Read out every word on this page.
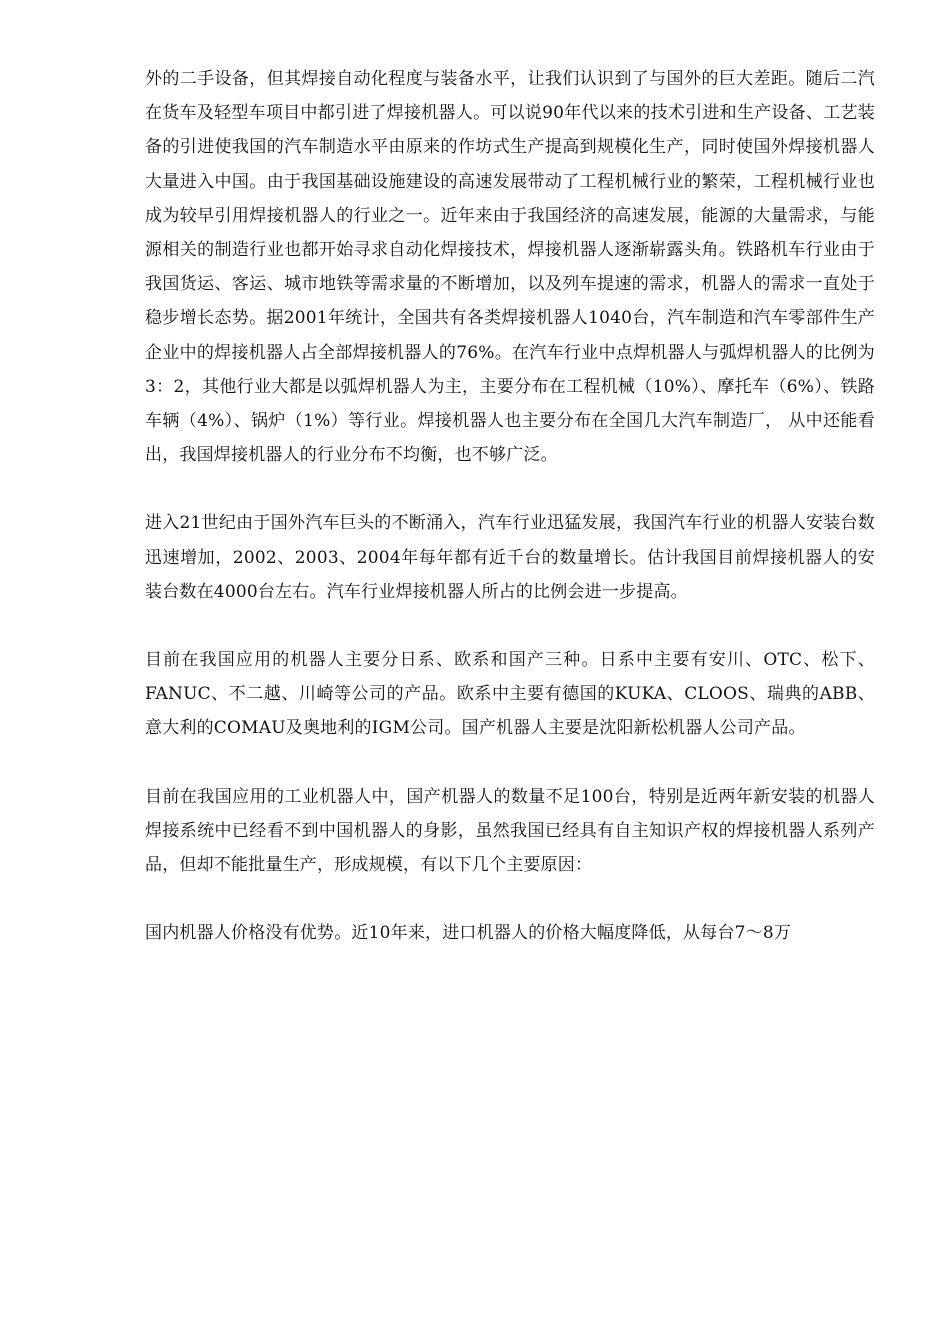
外的二手设备，但其焊接自动化程度与装备水平，让我们认识到了与国外的巨大差距。随后二汽在货车及轻型车项目中都引进了焊接机器人。可以说90年代以来的技术引进和生产设备、工艺装备的引进使我国的汽车制造水平由原来的作坊式生产提高到规模化生产，同时使国外焊接机器人大量进入中国。由于我国基础设施建设的高速发展带动了工程机械行业的繁荣，工程机械行业也成为较早引用焊接机器人的行业之一。近年来由于我国经济的高速发展，能源的大量需求，与能源相关的制造行业也都开始寻求自动化焊接技术，焊接机器人逐渐崭露头角。铁路机车行业由于我国货运、客运、城市地铁等需求量的不断增加，以及列车提速的需求，机器人的需求一直处于稳步增长态势。据2001年统计，全国共有各类焊接机器人1040台，汽车制造和汽车零部件生产企业中的焊接机器人占全部焊接机器人的76%。在汽车行业中点焊机器人与弧焊机器人的比例为3：2，其他行业大都是以弧焊机器人为主，主要分布在工程机械（10%）、摩托车（6%）、铁路车辆（4%）、锅炉（1%）等行业。焊接机器人也主要分布在全国几大汽车制造厂， 从中还能看出，我国焊接机器人的行业分布不均衡，也不够广泛。

进入21世纪由于国外汽车巨头的不断涌入，汽车行业迅猛发展，我国汽车行业的机器人安装台数迅速增加，2002、2003、2004年每年都有近千台的数量增长。估计我国目前焊接机器人的安装台数在4000台左右。汽车行业焊接机器人所占的比例会进一步提高。

目前在我国应用的机器人主要分日系、欧系和国产三种。日系中主要有安川、OTC、松下、FANUC、不二越、川崎等公司的产品。欧系中主要有德国的KUKA、CLOOS、瑞典的ABB、意大利的COMAU及奥地利的IGM公司。国产机器人主要是沈阳新松机器人公司产品。

目前在我国应用的工业机器人中，国产机器人的数量不足100台，特别是近两年新安装的机器人焊接系统中已经看不到中国机器人的身影，虽然我国已经具有自主知识产权的焊接机器人系列产品，但却不能批量生产，形成规模，有以下几个主要原因：

国内机器人价格没有优势。近10年来，进口机器人的价格大幅度降低，从每台7～8万
